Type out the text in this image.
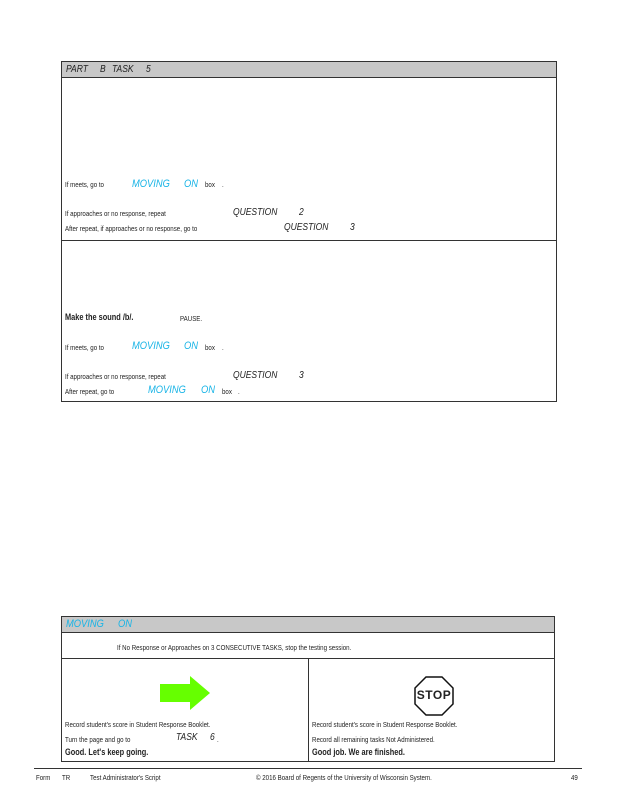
PART B TASK 5
If meets, go to	MOVING ON box .
If approaches or no response, repeat	QUESTION 2
After repeat, if approaches or no response, go to	QUESTION 3
Make the sound /b/.	PAUSE.
If meets, go to	MOVING ON box .
If approaches or no response, repeat	QUESTION 3
After repeat, go to	MOVING ON box .
MOVING ON
If No Response or Approaches on 3 CONSECUTIVE TASKS, stop the testing session.
Record student's score in Student Response Booklet.
Turn the page and go to	TASK 6 .
Good. Let's keep going.
STOP
Record student's score in Student Response Booklet.
Record all remaining tasks Not Administered.
Good job. We are finished.
Form TR	Test Administrator's Script	© 2016 Board of Regents of the University of Wisconsin System.	49
